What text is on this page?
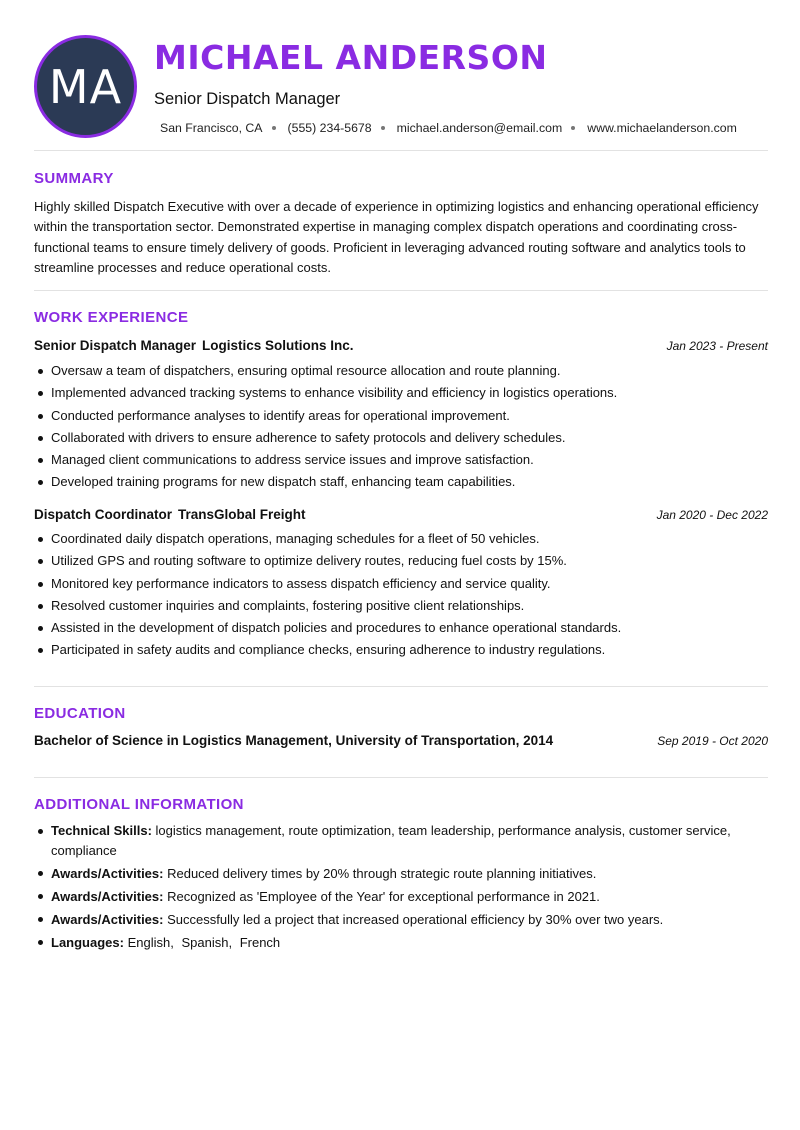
MA
MICHAEL ANDERSON
Senior Dispatch Manager
San Francisco, CA (555) 234-5678 michael.anderson@email.com www.michaelanderson.com
SUMMARY
Highly skilled Dispatch Executive with over a decade of experience in optimizing logistics and enhancing operational efficiency within the transportation sector. Demonstrated expertise in managing complex dispatch operations and coordinating cross-functional teams to ensure timely delivery of goods. Proficient in leveraging advanced routing software and analytics tools to streamline processes and reduce operational costs.
WORK EXPERIENCE
Senior Dispatch Manager Logistics Solutions Inc.	Jan 2023 - Present
Oversaw a team of dispatchers, ensuring optimal resource allocation and route planning.
Implemented advanced tracking systems to enhance visibility and efficiency in logistics operations.
Conducted performance analyses to identify areas for operational improvement.
Collaborated with drivers to ensure adherence to safety protocols and delivery schedules.
Managed client communications to address service issues and improve satisfaction.
Developed training programs for new dispatch staff, enhancing team capabilities.
Dispatch Coordinator TransGlobal Freight	Jan 2020 - Dec 2022
Coordinated daily dispatch operations, managing schedules for a fleet of 50 vehicles.
Utilized GPS and routing software to optimize delivery routes, reducing fuel costs by 15%.
Monitored key performance indicators to assess dispatch efficiency and service quality.
Resolved customer inquiries and complaints, fostering positive client relationships.
Assisted in the development of dispatch policies and procedures to enhance operational standards.
Participated in safety audits and compliance checks, ensuring adherence to industry regulations.
EDUCATION
Bachelor of Science in Logistics Management, University of Transportation, 2014	Sep 2019 - Oct 2020
ADDITIONAL INFORMATION
Technical Skills: logistics management, route optimization, team leadership, performance analysis, customer service, compliance
Awards/Activities: Reduced delivery times by 20% through strategic route planning initiatives.
Awards/Activities: Recognized as 'Employee of the Year' for exceptional performance in 2021.
Awards/Activities: Successfully led a project that increased operational efficiency by 30% over two years.
Languages: English, Spanish, French
